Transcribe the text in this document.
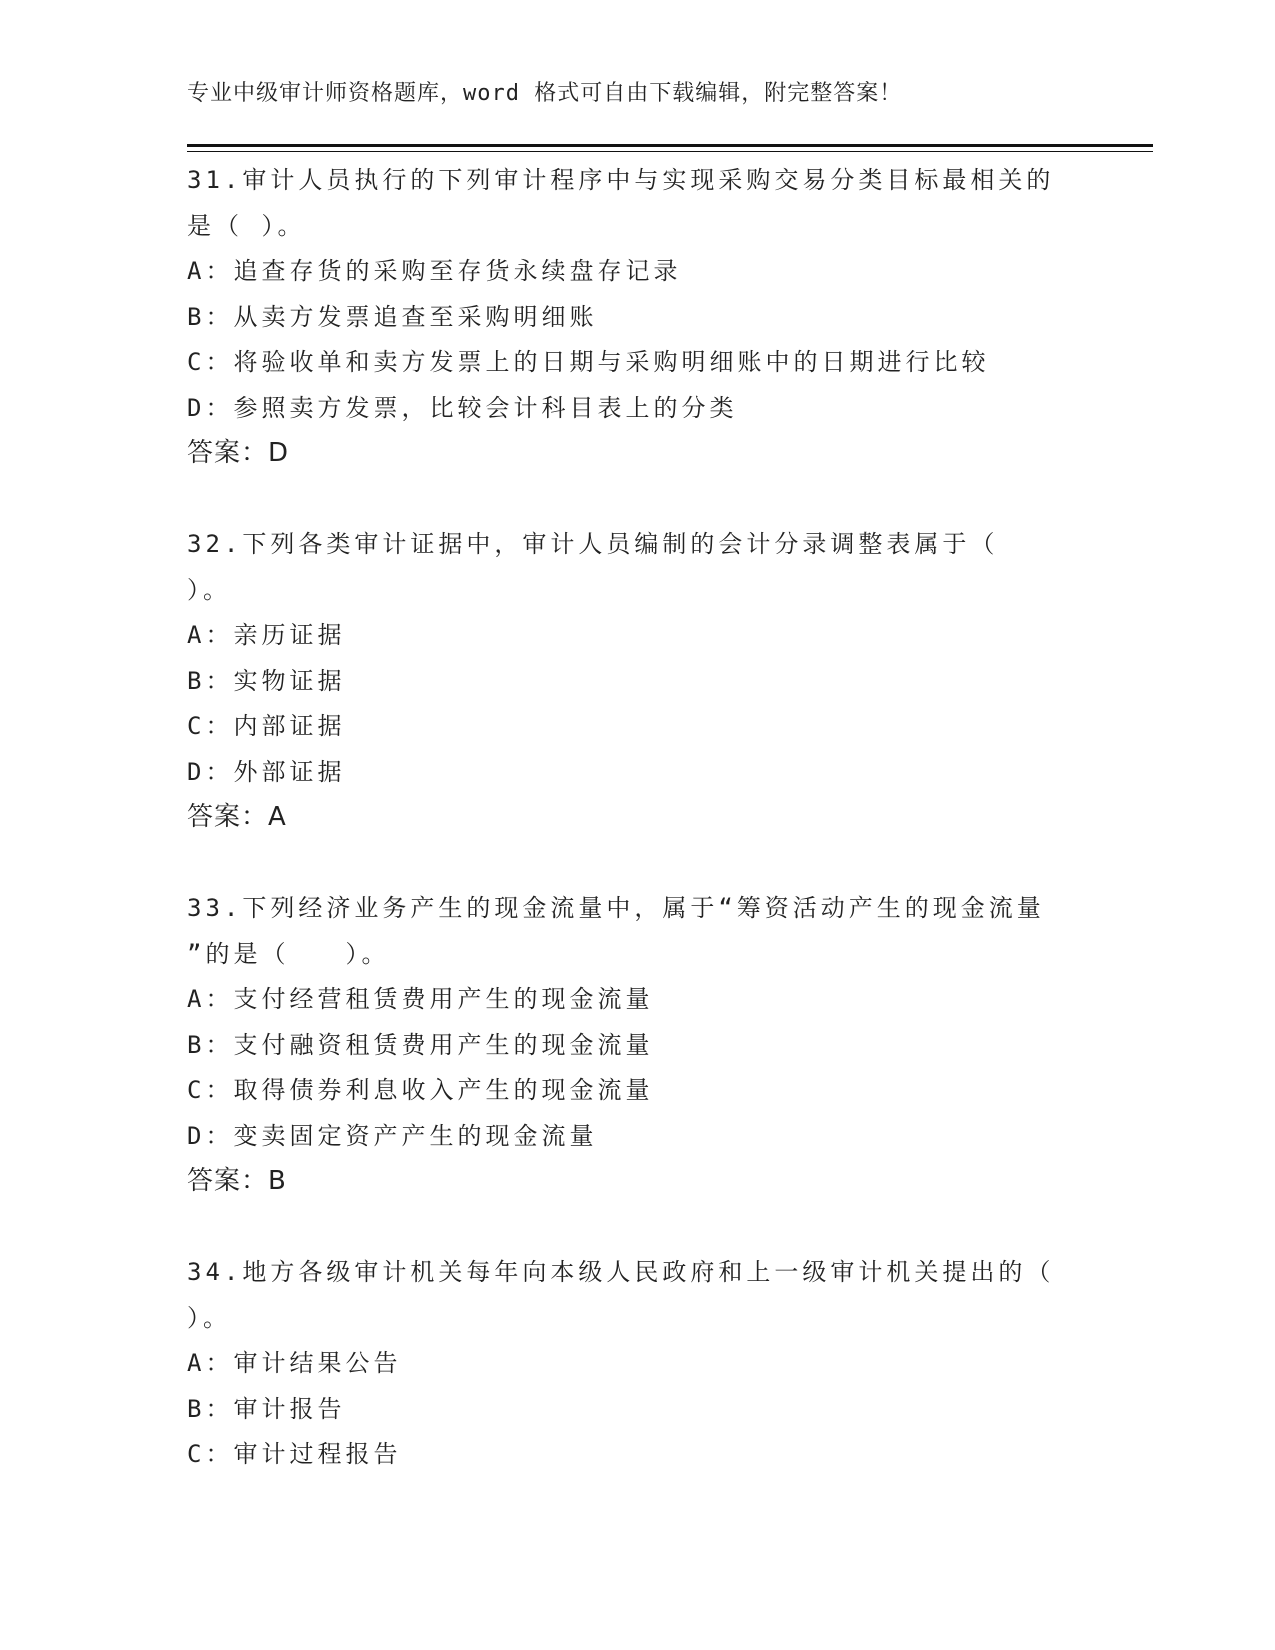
专业中级审计师资格题库，word 格式可自由下载编辑，附完整答案！
31.审计人员执行的下列审计程序中与实现采购交易分类目标最相关的
是（ ）。
A：追查存货的采购至存货永续盘存记录
B：从卖方发票追查至采购明细账
C：将验收单和卖方发票上的日期与采购明细账中的日期进行比较
D：参照卖方发票，比较会计科目表上的分类
答案：D
32.下列各类审计证据中，审计人员编制的会计分录调整表属于（
）。
A：亲历证据
B：实物证据
C：内部证据
D：外部证据
答案：A
33.下列经济业务产生的现金流量中，属于“筹资活动产生的现金流量
”的是（　　）。
A：支付经营租赁费用产生的现金流量
B：支付融资租赁费用产生的现金流量
C：取得债券利息收入产生的现金流量
D：变卖固定资产产生的现金流量
答案：B
34.地方各级审计机关每年向本级人民政府和上一级审计机关提出的（
）。
A：审计结果公告
B：审计报告
C：审计过程报告
